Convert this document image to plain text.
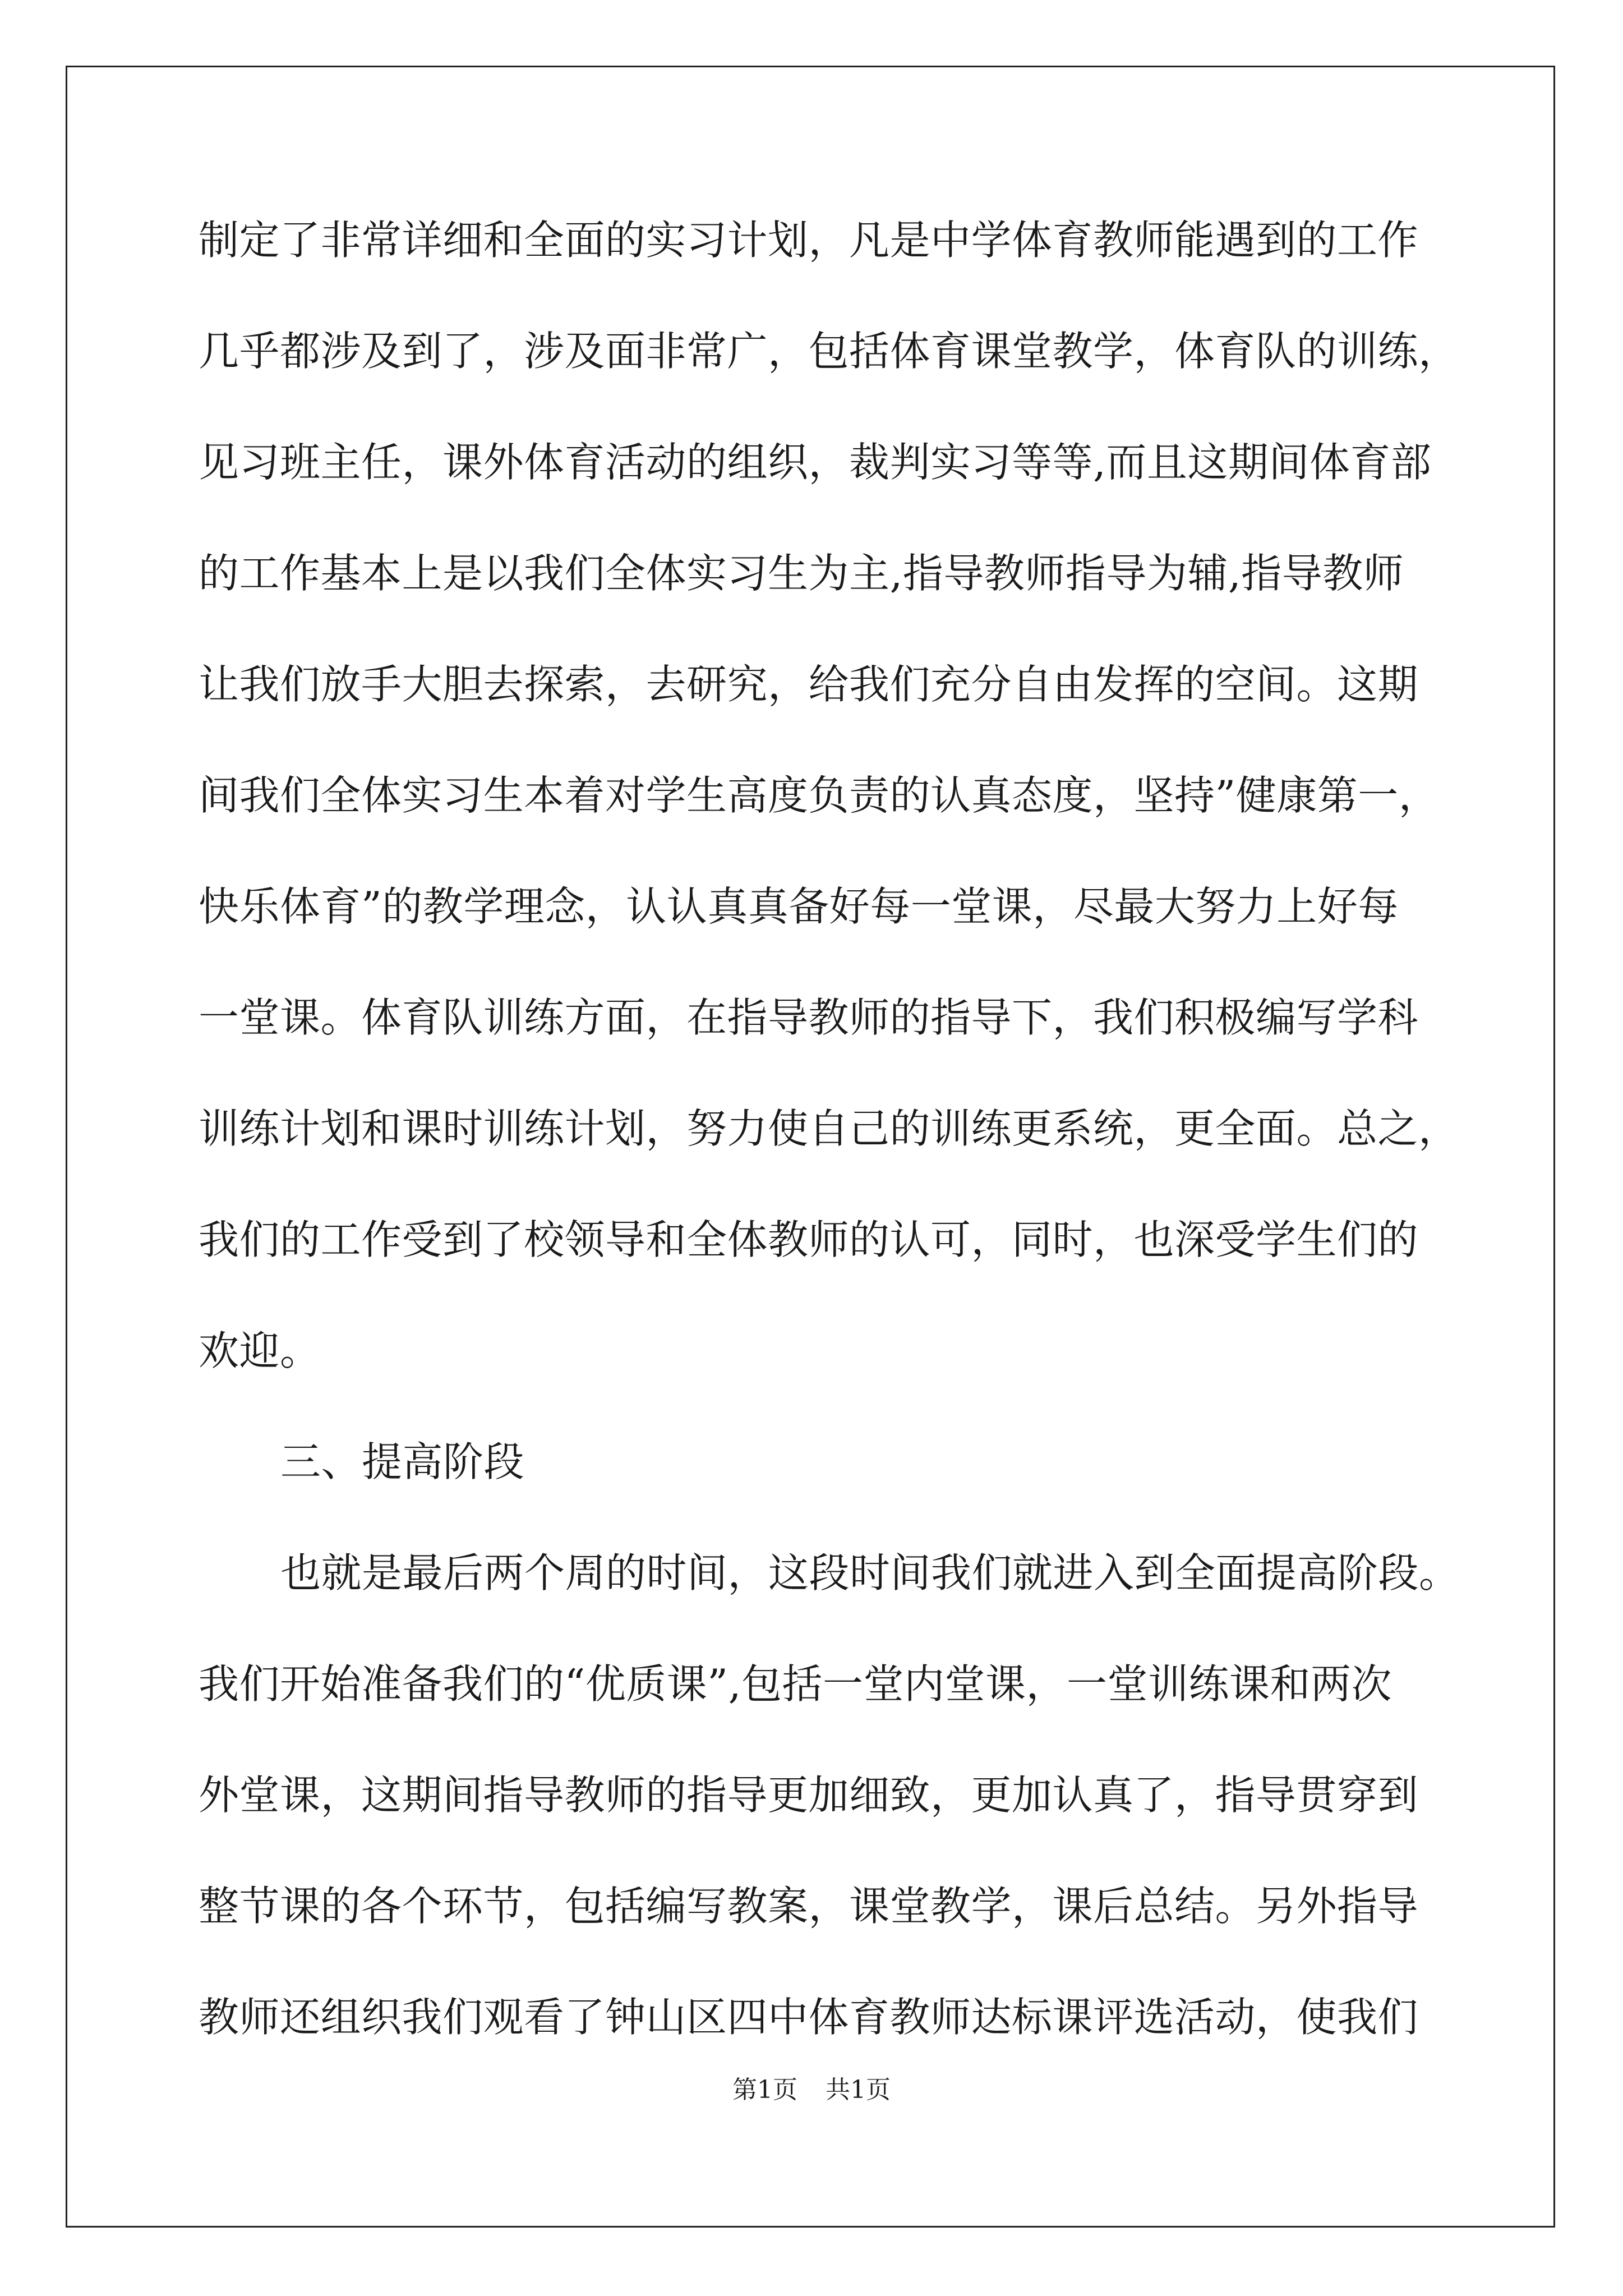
制定了非常详细和全面的实习计划，凡是中学体育教师能遇到的工作
几乎都涉及到了，涉及面非常广，包括体育课堂教学，体育队的训练，
见习班主任，课外体育活动的组织，裁判实习等等,而且这期间体育部
的工作基本上是以我们全体实习生为主,指导教师指导为辅,指导教师
让我们放手大胆去探索，去研究，给我们充分自由发挥的空间。这期
间我们全体实习生本着对学生高度负责的认真态度，坚持”健康第一，
快乐体育”的教学理念，认认真真备好每一堂课，尽最大努力上好每
一堂课。体育队训练方面，在指导教师的指导下，我们积极编写学科
训练计划和课时训练计划，努力使自己的训练更系统，更全面。总之，
我们的工作受到了校领导和全体教师的认可，同时，也深受学生们的
欢迎。
三、提高阶段
也就是最后两个周的时间，这段时间我们就进入到全面提高阶段。
我们开始准备我们的“优质课”,包括一堂内堂课，一堂训练课和两次
外堂课，这期间指导教师的指导更加细致，更加认真了，指导贯穿到
整节课的各个环节，包括编写教案，课堂教学，课后总结。另外指导
教师还组织我们观看了钟山区四中体育教师达标课评选活动，使我们
第1页 共1页
